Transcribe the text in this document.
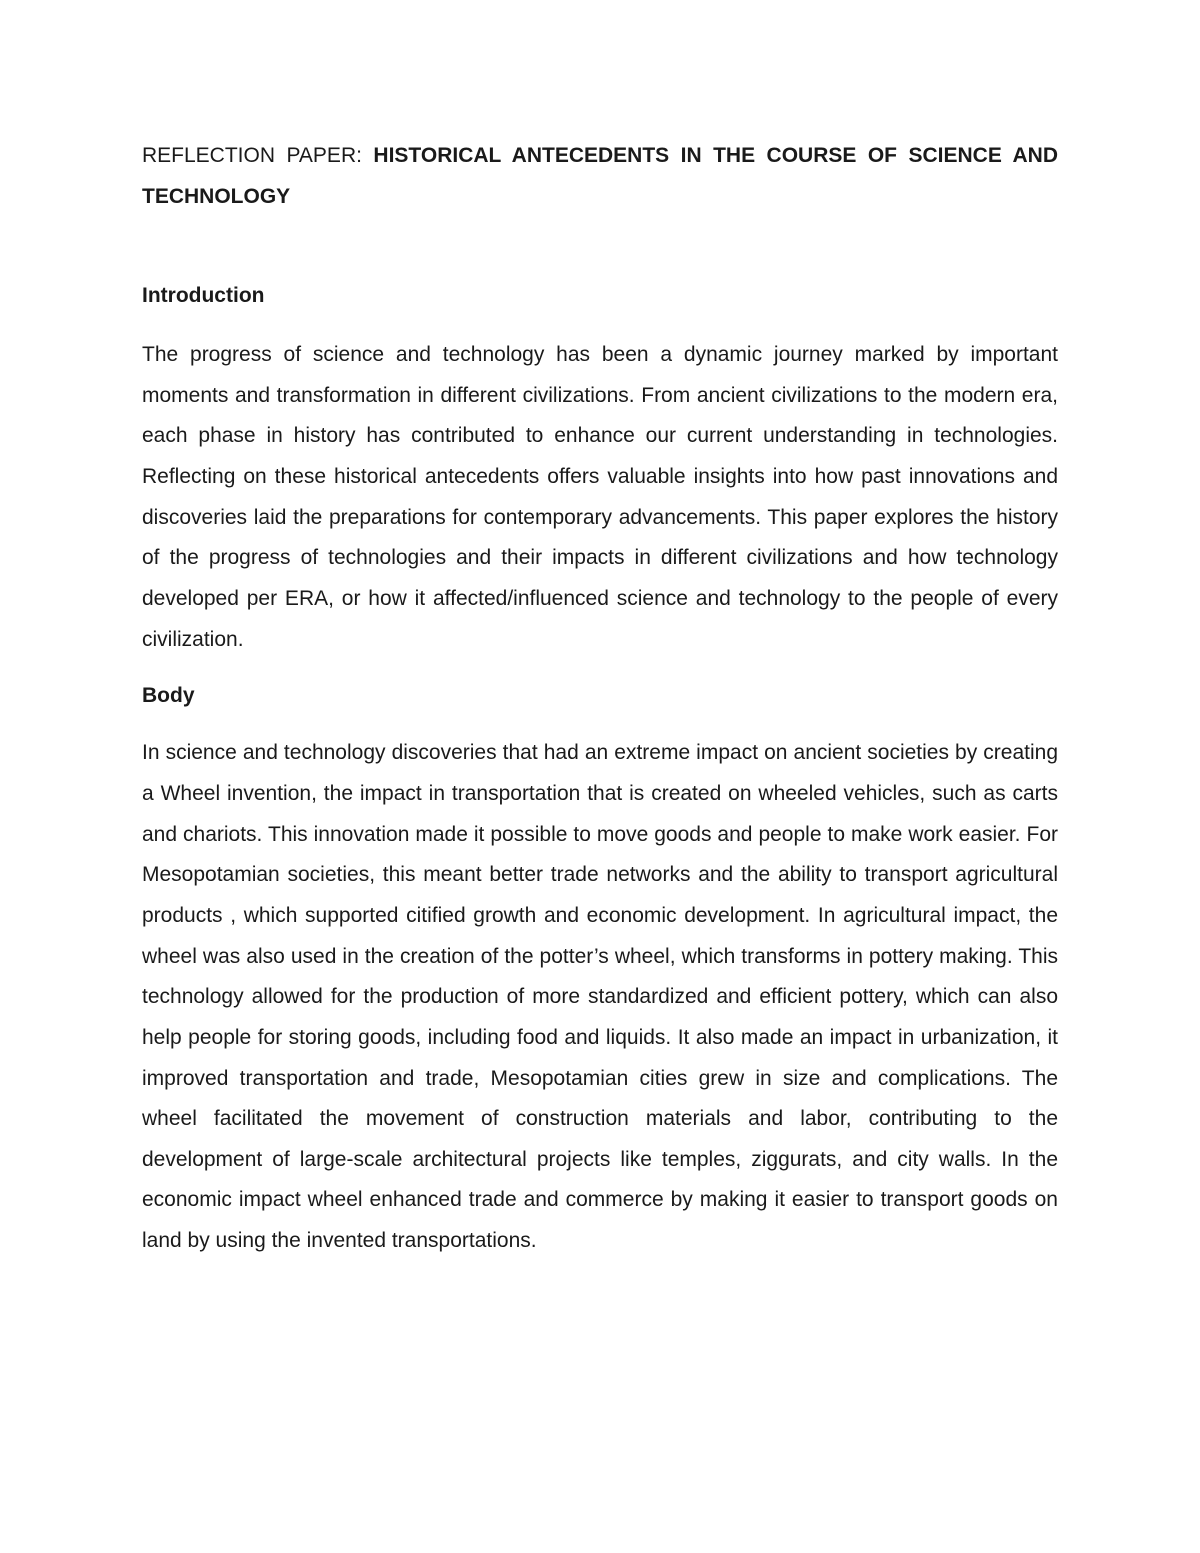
REFLECTION PAPER: HISTORICAL ANTECEDENTS IN THE COURSE OF SCIENCE AND TECHNOLOGY

Introduction

The progress of science and technology has been a dynamic journey marked by important moments and transformation in different civilizations. From ancient civilizations to the modern era, each phase in history has contributed to enhance our current understanding in technologies. Reflecting on these historical antecedents offers valuable insights into how past innovations and discoveries laid the preparations for contemporary advancements. This paper explores the history of the progress of technologies and their impacts in different civilizations and how technology developed per ERA, or how it affected/influenced science and technology to the people of every civilization.

Body

In science and technology discoveries that had an extreme impact on ancient societies by creating a Wheel invention, the impact in transportation that is created on wheeled vehicles, such as carts and chariots. This innovation made it possible to move goods and people to make work easier. For Mesopotamian societies, this meant better trade networks and the ability to transport agricultural products , which supported citified growth and economic development. In agricultural impact, the wheel was also used in the creation of the potter’s wheel, which transforms in pottery making. This technology allowed for the production of more standardized and efficient pottery, which can also help people for storing goods, including food and liquids. It also made an impact in urbanization, it improved transportation and trade, Mesopotamian cities grew in size and complications. The wheel facilitated the movement of construction materials and labor, contributing to the development of large-scale architectural projects like temples, ziggurats, and city walls. In the economic impact wheel enhanced trade and commerce by making it easier to transport goods on land by using the invented transportations.
